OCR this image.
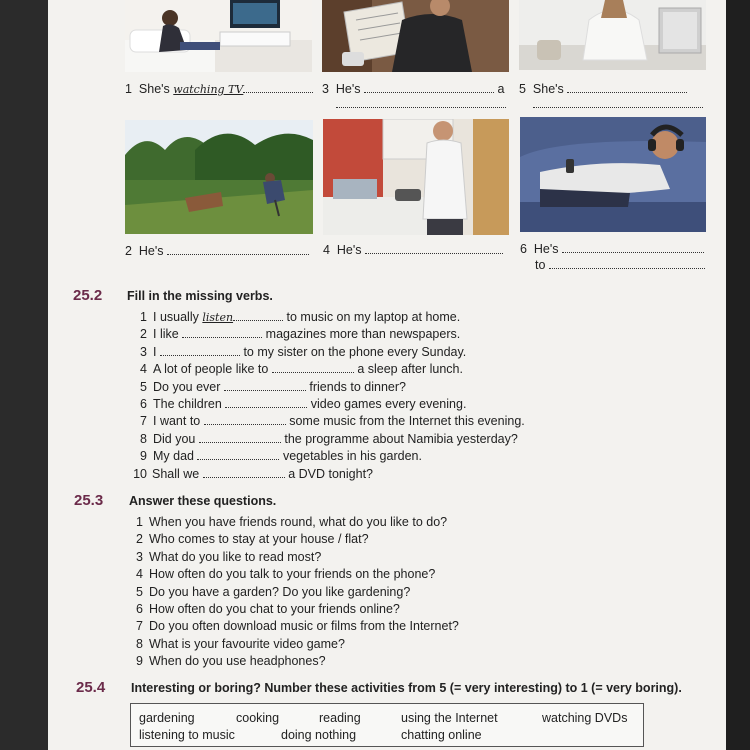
1 She's watching TV	3 He's	a 5 She's
2 He's	4 He's	6 He's
to
25.2 Fill in the missing verbs.
1 I usually listen	to music on my laptop at home.
2 I like	magazines more than newspapers.
3 I	to my sister on the phone every Sunday.
4 A lot of people like to	a sleep after lunch.
5 Do you ever	friends to dinner?
6 The children	video games every evening.
7 I want to	some music from the Internet this evening.
8 Did you	the programme about Namibia yesterday?
9 My dad	vegetables in his garden.
10 Shall we	a DVD tonight?
25.3 Answer these questions.
1 When you have friends round, what do you like to do?
2 Who comes to stay at your house / flat?
3 What do you like to read most?
4 How often do you talk to your friends on the phone?
5 Do you have a garden? Do you like gardening?
6 How often do you chat to your friends online?
7 Do you often download music or films from the Internet?
8 What is your favourite video game?
9 When do you use headphones?
25.4 Interesting or boring? Number these activities from 5 (= very interesting) to 1 (= very boring).
gardening	cooking	reading	using the Internet	watching DVDs
listening to music	doing nothing	chatting online
